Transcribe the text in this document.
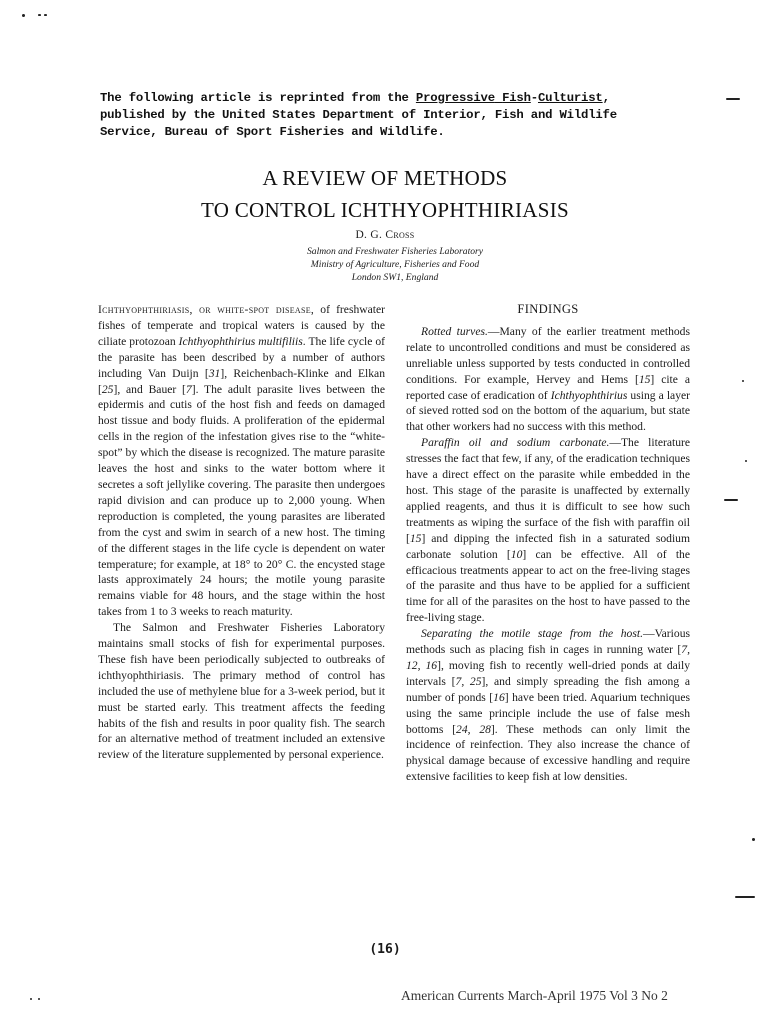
The following article is reprinted from the Progressive Fish-Culturist,
published by the United States Department of Interior, Fish and Wildlife
Service, Bureau of Sport Fisheries and Wildlife.
A REVIEW OF METHODS
TO CONTROL ICHTHYOPHTHIRIASIS
D. G. Cross
Salmon and Freshwater Fisheries Laboratory
Ministry of Agriculture, Fisheries and Food
London SW1, England

Ichthyophthiriasis, or white-spot disease, of freshwater fishes of temperate and tropical waters is caused by the ciliate protozoan Ichthyophthirius multifiliis. The life cycle of the parasite has been described by a number of authors including Van Duijn [31], Reichenbach-Klinke and Elkan [25], and Bauer [7]. The adult parasite lives between the epidermis and cutis of the host fish and feeds on damaged host tissue and body fluids. A proliferation of the epidermal cells in the region of the infestation gives rise to the “white-spot” by which the disease is recognized. The mature parasite leaves the host and sinks to the water bottom where it secretes a soft jellylike covering. The parasite then undergoes rapid division and can produce up to 2,000 young. When reproduction is completed, the young parasites are liberated from the cyst and swim in search of a new host. The timing of the different stages in the life cycle is dependent on water temperature; for example, at 18° to 20° C. the encysted stage lasts approximately 24 hours; the motile young parasite remains viable for 48 hours, and the stage within the host takes from 1 to 3 weeks to reach maturity.

The Salmon and Freshwater Fisheries Laboratory maintains small stocks of fish for experimental purposes. These fish have been periodically subjected to outbreaks of ichthyophthiriasis. The primary method of control has included the use of methylene blue for a 3-week period, but it must be started early. This treatment affects the feeding habits of the fish and results in poor quality fish. The search for an alternative method of treatment included an extensive review of the literature supplemented by personal experience.

FINDINGS

Rotted turves.—Many of the earlier treatment methods relate to uncontrolled conditions and must be considered as unreliable unless supported by tests conducted in controlled conditions. For example, Hervey and Hems [15] cite a reported case of eradication of Ichthyophthirius using a layer of sieved rotted sod on the bottom of the aquarium, but state that other workers had no success with this method.

Paraffin oil and sodium carbonate.—The literature stresses the fact that few, if any, of the eradication techniques have a direct effect on the parasite while embedded in the host. This stage of the parasite is unaffected by externally applied reagents, and thus it is difficult to see how such treatments as wiping the surface of the fish with paraffin oil [15] and dipping the infected fish in a saturated sodium carbonate solution [10] can be effective. All of the efficacious treatments appear to act on the free-living stages of the parasite and thus have to be applied for a sufficient time for all of the parasites on the host to have passed to the free-living stage.

Separating the motile stage from the host.—Various methods such as placing fish in cages in running water [7, 12, 16], moving fish to recently well-dried ponds at daily intervals [7, 25], and simply spreading the fish among a number of ponds [16] have been tried. Aquarium techniques using the same principle include the use of false mesh bottoms [24, 28]. These methods can only limit the incidence of reinfection. They also increase the chance of physical damage because of excessive handling and require extensive facilities to keep fish at low densities.

(16)
American Currents March-April 1975 Vol 3 No 2
